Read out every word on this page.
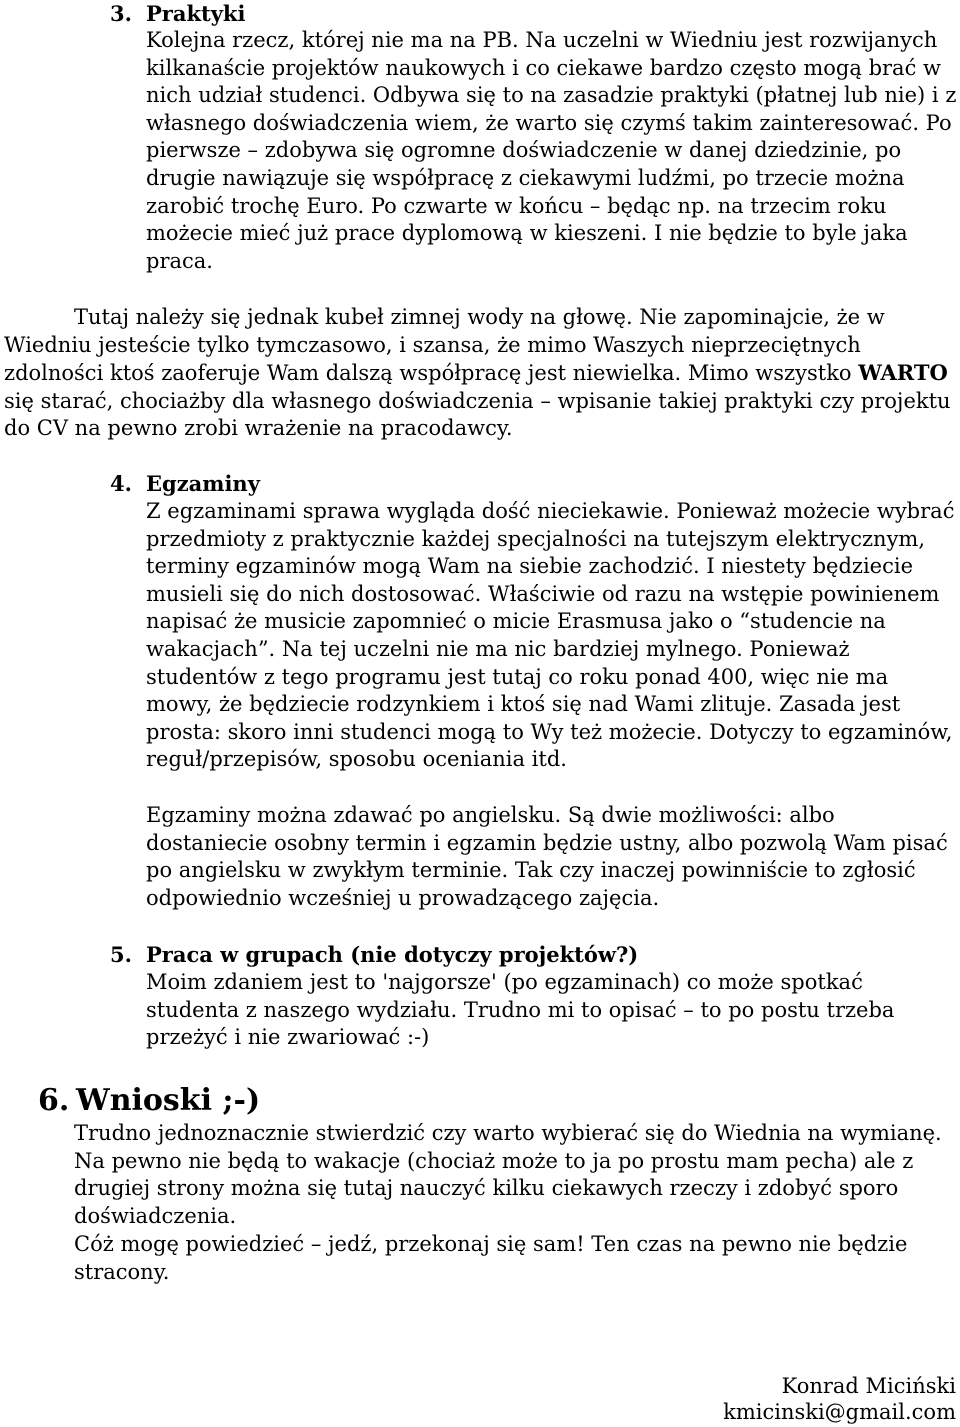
3. Praktyki

Kolejna rzecz, której nie ma na PB. Na uczelni w Wiedniu jest rozwijanych kilkanaście projektów naukowych i co ciekawe bardzo często mogą brać w nich udział studenci. Odbywa się to na zasadzie praktyki (płatnej lub nie) i z własnego doświadczenia wiem, że warto się czymś takim zainteresować. Po pierwsze – zdobywa się ogromne doświadczenie w danej dziedzinie, po drugie nawiązuje się współpracę z ciekawymi ludźmi, po trzecie można zarobić trochę Euro. Po czwarte w końcu – będąc np. na trzecim roku możecie mieć już prace dyplomową w kieszeni. I nie będzie to byle jaka praca.

Tutaj należy się jednak kubeł zimnej wody na głowę. Nie zapominajcie, że w Wiedniu jesteście tylko tymczasowo, i szansa, że mimo Waszych nieprzeciętnych zdolności ktoś zaoferuje Wam dalszą współpracę jest niewielka. Mimo wszystko WARTO się starać, chociażby dla własnego doświadczenia – wpisanie takiej praktyki czy projektu do CV na pewno zrobi wrażenie na pracodawcy.

4. Egzaminy

Z egzaminami sprawa wygląda dość nieciekawie. Ponieważ możecie wybrać przedmioty z praktycznie każdej specjalności na tutejszym elektrycznym, terminy egzaminów mogą Wam na siebie zachodzić. I niestety będziecie musieli się do nich dostosować. Właściwie od razu na wstępie powinienem napisać że musicie zapomnieć o micie Erasmusa jako o “studencie na wakacjach”. Na tej uczelni nie ma nic bardziej mylnego. Ponieważ studentów z tego programu jest tutaj co roku ponad 400, więc nie ma mowy, że będziecie rodzynkiem i ktoś się nad Wami zlituje. Zasada jest prosta: skoro inni studenci mogą to Wy też możecie. Dotyczy to egzaminów, reguł/przepisów, sposobu oceniania itd.

Egzaminy można zdawać po angielsku. Są dwie możliwości: albo dostaniecie osobny termin i egzamin będzie ustny, albo pozwolą Wam pisać po angielsku w zwykłym terminie. Tak czy inaczej powinniście to zgłosić odpowiednio wcześniej u prowadzącego zajęcia.

5. Praca w grupach (nie dotyczy projektów?)

Moim zdaniem jest to 'najgorsze' (po egzaminach) co może spotkać studenta z naszego wydziału. Trudno mi to opisać – to po postu trzeba przeżyć i nie zwariować :-)

6. Wnioski ;-)

Trudno jednoznacznie stwierdzić czy warto wybierać się do Wiednia na wymianę. Na pewno nie będą to wakacje (chociaż może to ja po prostu mam pecha) ale z drugiej strony można się tutaj nauczyć kilku ciekawych rzeczy i zdobyć sporo doświadczenia.

Cóż mogę powiedzieć – jedź, przekonaj się sam! Ten czas na pewno nie będzie stracony.

Konrad Miciński
kmicinski@gmail.com
